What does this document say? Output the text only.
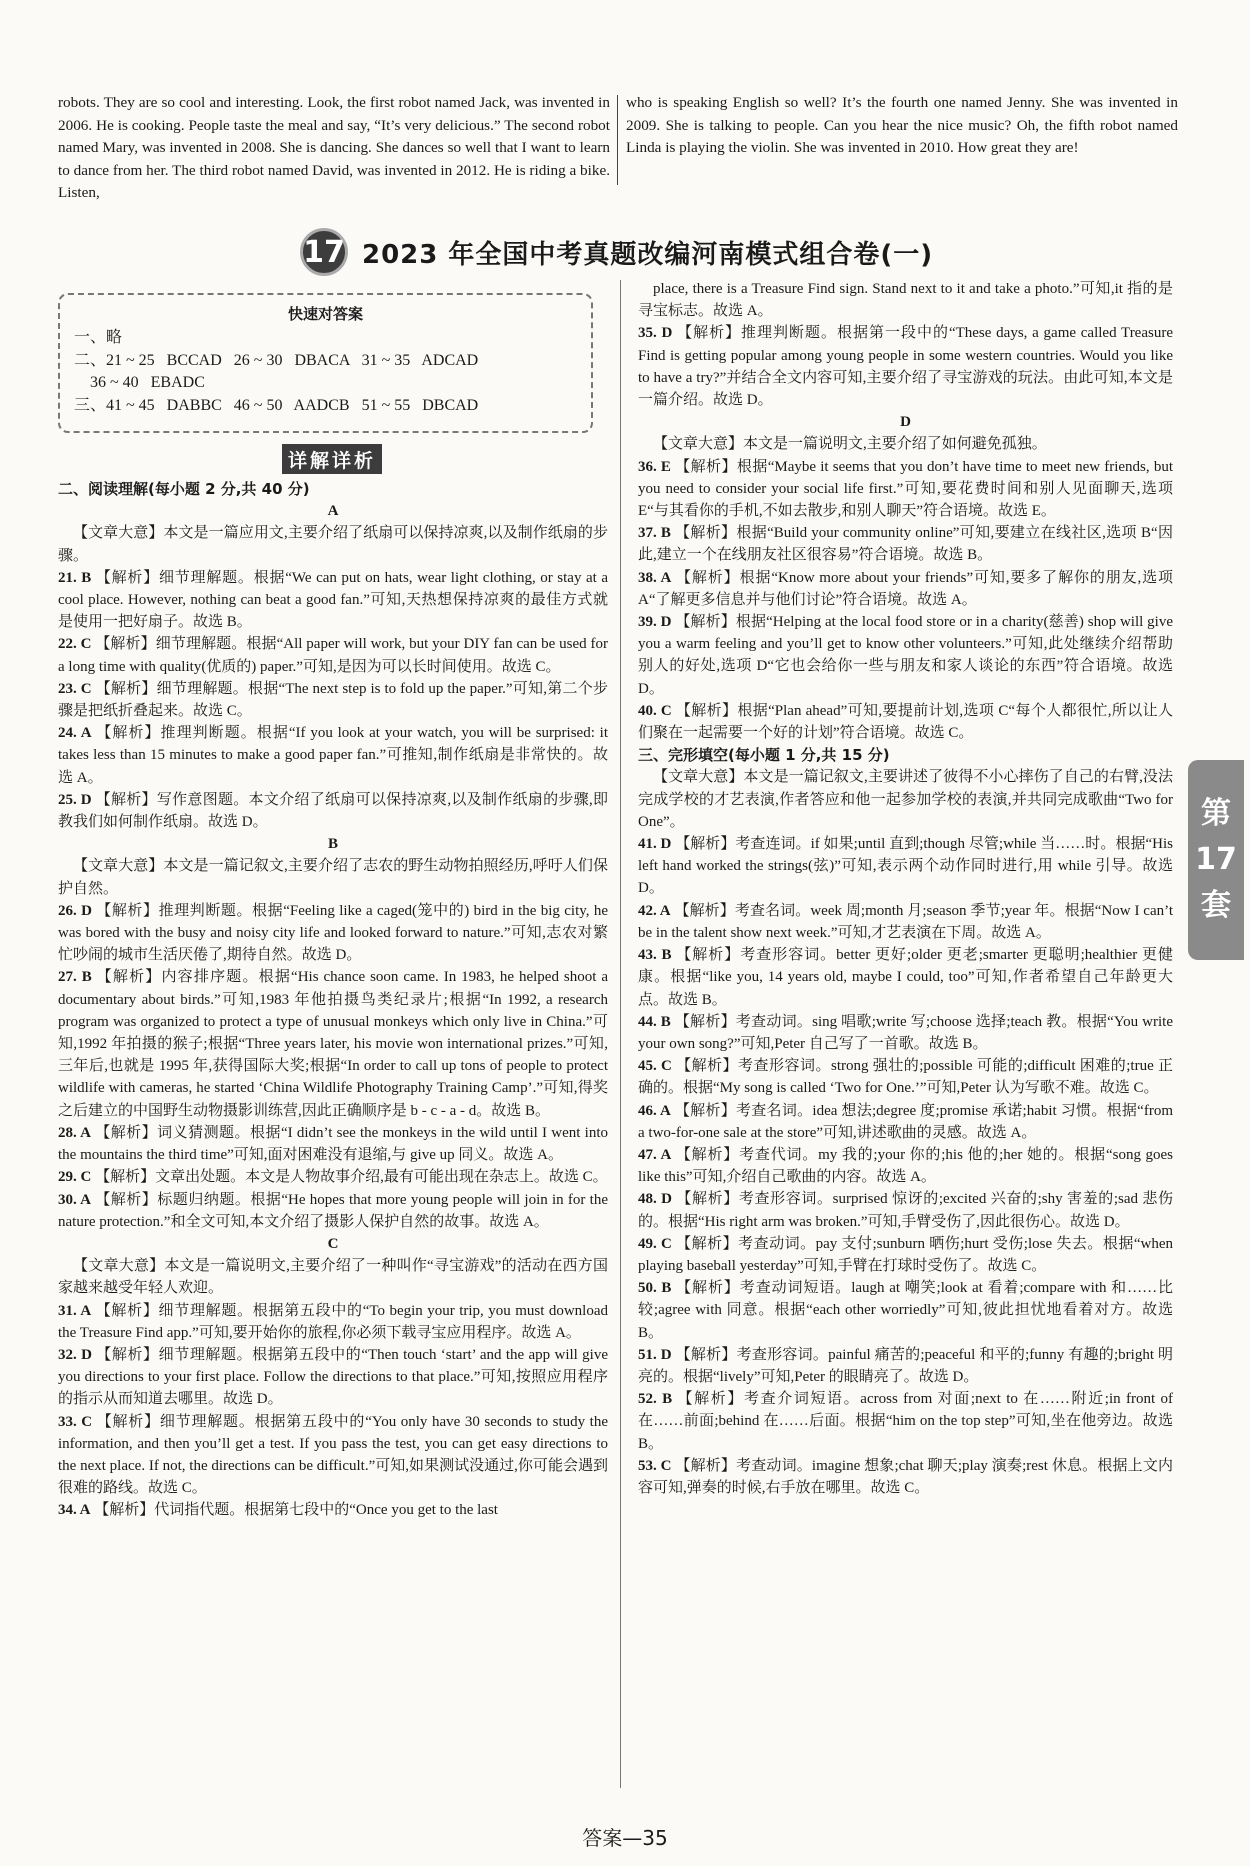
robots. They are so cool and interesting. Look, the first robot named Jack, was invented in 2006. He is cooking. People taste the meal and say, “It’s very delicious.” The second robot named Mary, was invented in 2008. She is dancing. She dances so well that I want to learn to dance from her. The third robot named David, was invented in 2012. He is riding a bike. Listen,
who is speaking English so well? It’s the fourth one named Jenny. She was invented in 2009. She is talking to people. Can you hear the nice music? Oh, the fifth robot named Linda is playing the violin. She was invented in 2010. How great they are!
17 2023 年全国中考真题改编河南模式组合卷(一)
快速对答案
一、略
二、21 ~ 25   BCCAD   26 ~ 30   DBACA   31 ~ 35   ADCAD
36 ~ 40   EBADC
三、41 ~ 45   DABBC   46 ~ 50   AADCB   51 ~ 55   DBCAD
详解详析

二、阅读理解(每小题 2 分,共 40 分)

A

【文章大意】本文是一篇应用文,主要介绍了纸扇可以保持凉爽,以及制作纸扇的步骤。

21. B 【解析】细节理解题。根据“We can put on hats, wear light clothing, or stay at a cool place. However, nothing can beat a good fan.”可知,天热想保持凉爽的最佳方式就是使用一把好扇子。故选 B。

22. C 【解析】细节理解题。根据“All paper will work, but your DIY fan can be used for a long time with quality(优质的) paper.”可知,是因为可以长时间使用。故选 C。

23. C 【解析】细节理解题。根据“The next step is to fold up the paper.”可知,第二个步骤是把纸折叠起来。故选 C。

24. A 【解析】推理判断题。根据“If you look at your watch, you will be surprised: it takes less than 15 minutes to make a good paper fan.”可推知,制作纸扇是非常快的。故选 A。

25. D 【解析】写作意图题。本文介绍了纸扇可以保持凉爽,以及制作纸扇的步骤,即教我们如何制作纸扇。故选 D。

B

【文章大意】本文是一篇记叙文,主要介绍了志农的野生动物拍照经历,呼吁人们保护自然。

26. D 【解析】推理判断题。根据“Feeling like a caged(笼中的) bird in the big city, he was bored with the busy and noisy city life and looked forward to nature.”可知,志农对繁忙吵闹的城市生活厌倦了,期待自然。故选 D。

27. B 【解析】内容排序题。根据“His chance soon came. In 1983, he helped shoot a documentary about birds.”可知,1983 年他拍摄鸟类纪录片;根据“In 1992, a research program was organized to protect a type of unusual monkeys which only live in China.”可知,1992 年拍摄的猴子;根据“Three years later, his movie won international prizes.”可知,三年后,也就是 1995 年,获得国际大奖;根据“In order to call up tons of people to protect wildlife with cameras, he started ‘China Wildlife Photography Training Camp’.”可知,得奖之后建立的中国野生动物摄影训练营,因此正确顺序是 b - c - a - d。故选 B。

28. A 【解析】词义猜测题。根据“I didn’t see the monkeys in the wild until I went into the mountains the third time”可知,面对困难没有退缩,与 give up 同义。故选 A。

29. C 【解析】文章出处题。本文是人物故事介绍,最有可能出现在杂志上。故选 C。

30. A 【解析】标题归纳题。根据“He hopes that more young people will join in for the nature protection.”和全文可知,本文介绍了摄影人保护自然的故事。故选 A。

C

【文章大意】本文是一篇说明文,主要介绍了一种叫作“寻宝游戏”的活动在西方国家越来越受年轻人欢迎。

31. A 【解析】细节理解题。根据第五段中的“To begin your trip, you must download the Treasure Find app.”可知,要开始你的旅程,你必须下载寻宝应用程序。故选 A。

32. D 【解析】细节理解题。根据第五段中的“Then touch ‘start’ and the app will give you directions to your first place. Follow the directions to that place.”可知,按照应用程序的指示从而知道去哪里。故选 D。

33. C 【解析】细节理解题。根据第五段中的“You only have 30 seconds to study the information, and then you’ll get a test. If you pass the test, you can get easy directions to the next place. If not, the directions can be difficult.”可知,如果测试没通过,你可能会遇到很难的路线。故选 C。

34. A 【解析】代词指代题。根据第七段中的“Once you get to the last

place, there is a Treasure Find sign. Stand next to it and take a photo.”可知,it 指的是寻宝标志。故选 A。

35. D 【解析】推理判断题。根据第一段中的“These days, a game called Treasure Find is getting popular among young people in some western countries. Would you like to have a try?”并结合全文内容可知,主要介绍了寻宝游戏的玩法。由此可知,本文是一篇介绍。故选 D。

D

【文章大意】本文是一篇说明文,主要介绍了如何避免孤独。

36. E 【解析】根据“Maybe it seems that you don’t have time to meet new friends, but you need to consider your social life first.”可知,要花费时间和别人见面聊天,选项 E“与其看你的手机,不如去散步,和别人聊天”符合语境。故选 E。

37. B 【解析】根据“Build your community online”可知,要建立在线社区,选项 B“因此,建立一个在线朋友社区很容易”符合语境。故选 B。

38. A 【解析】根据“Know more about your friends”可知,要多了解你的朋友,选项 A“了解更多信息并与他们讨论”符合语境。故选 A。

39. D 【解析】根据“Helping at the local food store or in a charity(慈善) shop will give you a warm feeling and you’ll get to know other volunteers.”可知,此处继续介绍帮助别人的好处,选项 D“它也会给你一些与朋友和家人谈论的东西”符合语境。故选 D。

40. C 【解析】根据“Plan ahead”可知,要提前计划,选项 C“每个人都很忙,所以让人们聚在一起需要一个好的计划”符合语境。故选 C。

三、完形填空(每小题 1 分,共 15 分)

【文章大意】本文是一篇记叙文,主要讲述了彼得不小心摔伤了自己的右臂,没法完成学校的才艺表演,作者答应和他一起参加学校的表演,并共同完成歌曲“Two for One”。

41. D 【解析】考查连词。if 如果;until 直到;though 尽管;while 当……时。根据“His left hand worked the strings(弦)”可知,表示两个动作同时进行,用 while 引导。故选 D。

42. A 【解析】考查名词。week 周;month 月;season 季节;year 年。根据“Now I can’t be in the talent show next week.”可知,才艺表演在下周。故选 A。

43. B 【解析】考查形容词。better 更好;older 更老;smarter 更聪明;healthier 更健康。根据“like you, 14 years old, maybe I could, too”可知,作者希望自己年龄更大点。故选 B。

44. B 【解析】考查动词。sing 唱歌;write 写;choose 选择;teach 教。根据“You write your own song?”可知,Peter 自己写了一首歌。故选 B。

45. C 【解析】考查形容词。strong 强壮的;possible 可能的;difficult 困难的;true 正确的。根据“My song is called ‘Two for One.’”可知,Peter 认为写歌不难。故选 C。

46. A 【解析】考查名词。idea 想法;degree 度;promise 承诺;habit 习惯。根据“from a two-for-one sale at the store”可知,讲述歌曲的灵感。故选 A。

47. A 【解析】考查代词。my 我的;your 你的;his 他的;her 她的。根据“song goes like this”可知,介绍自己歌曲的内容。故选 A。

48. D 【解析】考查形容词。surprised 惊讶的;excited 兴奋的;shy 害羞的;sad 悲伤的。根据“His right arm was broken.”可知,手臂受伤了,因此很伤心。故选 D。

49. C 【解析】考查动词。pay 支付;sunburn 晒伤;hurt 受伤;lose 失去。根据“when playing baseball yesterday”可知,手臂在打球时受伤了。故选 C。

50. B 【解析】考查动词短语。laugh at 嘲笑;look at 看着;compare with 和……比较;agree with 同意。根据“each other worriedly”可知,彼此担忧地看着对方。故选 B。

51. D 【解析】考查形容词。painful 痛苦的;peaceful 和平的;funny 有趣的;bright 明亮的。根据“lively”可知,Peter 的眼睛亮了。故选 D。

52. B 【解析】考查介词短语。across from 对面;next to 在……附近;in front of 在……前面;behind 在……后面。根据“him on the top step”可知,坐在他旁边。故选 B。

53. C 【解析】考查动词。imagine 想象;chat 聊天;play 演奏;rest 休息。根据上文内容可知,弹奏的时候,右手放在哪里。故选 C。

第
17
套
答案—35
